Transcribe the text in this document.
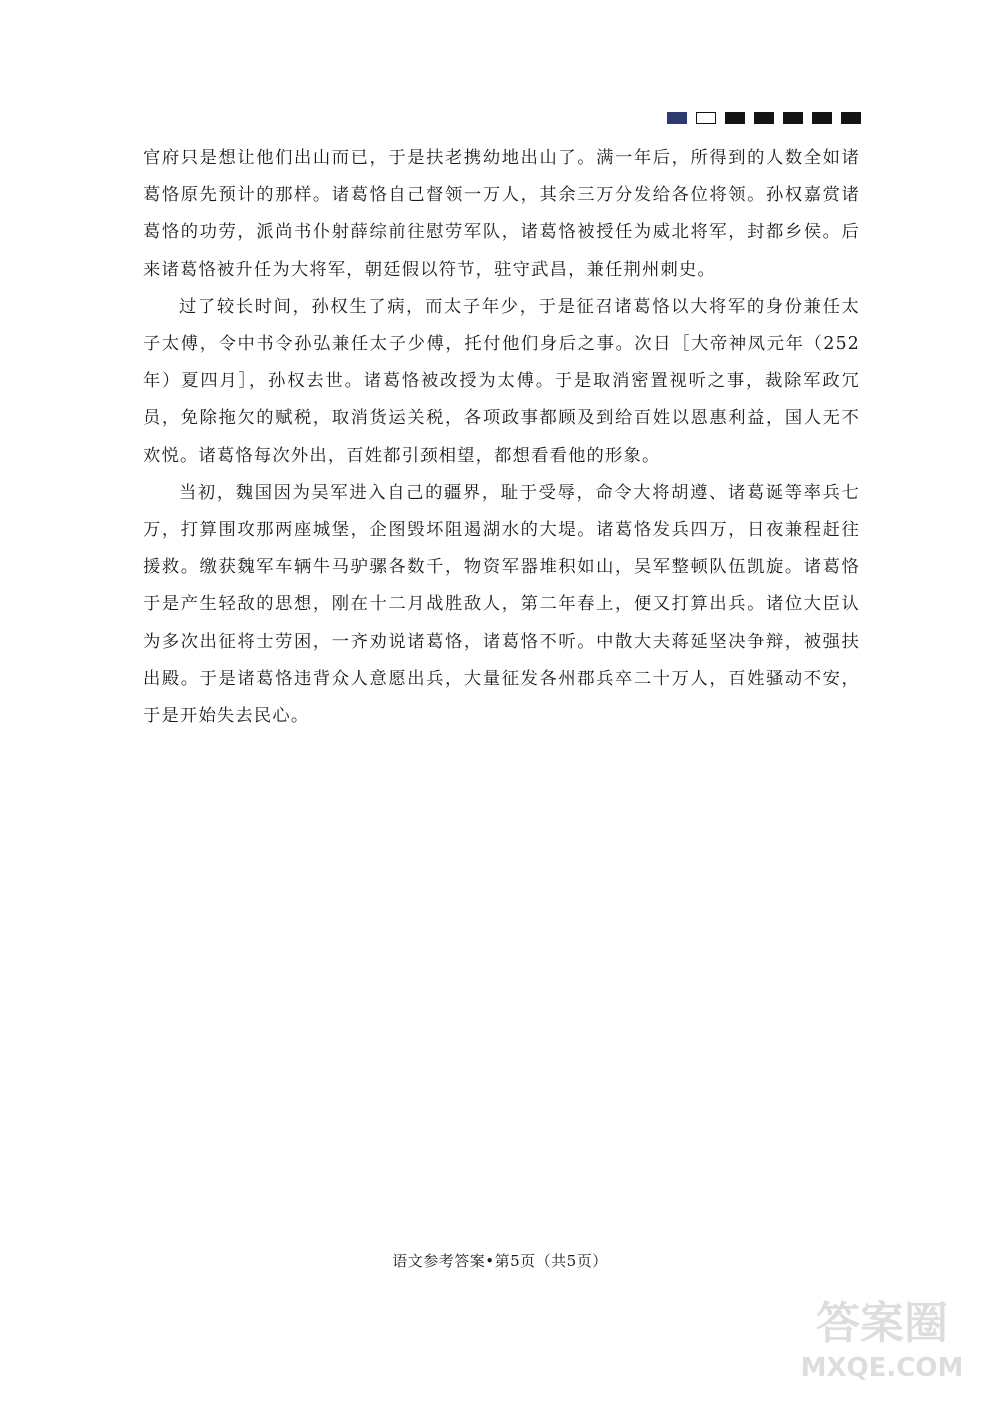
官府只是想让他们出山而已，于是扶老携幼地出山了。满一年后，所得到的人数全如诸葛恪原先预计的那样。诸葛恪自己督领一万人，其余三万分发给各位将领。孙权嘉赏诸葛恪的功劳，派尚书仆射薛综前往慰劳军队，诸葛恪被授任为威北将军，封都乡侯。后来诸葛恪被升任为大将军，朝廷假以符节，驻守武昌，兼任荆州刺史。

过了较长时间，孙权生了病，而太子年少，于是征召诸葛恪以大将军的身份兼任太子太傅，令中书令孙弘兼任太子少傅，托付他们身后之事。次日［大帝神凤元年（252年）夏四月］，孙权去世。诸葛恪被改授为太傅。于是取消密置视听之事，裁除军政冗员，免除拖欠的赋税，取消货运关税，各项政事都顾及到给百姓以恩惠利益，国人无不欢悦。诸葛恪每次外出，百姓都引颈相望，都想看看他的形象。

当初，魏国因为吴军进入自己的疆界，耻于受辱，命令大将胡遵、诸葛诞等率兵七万，打算围攻那两座城堡，企图毁坏阻遏湖水的大堤。诸葛恪发兵四万，日夜兼程赶往援救。缴获魏军车辆牛马驴骡各数千，物资军器堆积如山，吴军整顿队伍凯旋。诸葛恪于是产生轻敌的思想，刚在十二月战胜敌人，第二年春上，便又打算出兵。诸位大臣认为多次出征将士劳困，一齐劝说诸葛恪，诸葛恪不听。中散大夫蒋延坚决争辩，被强扶出殿。于是诸葛恪违背众人意愿出兵，大量征发各州郡兵卒二十万人，百姓骚动不安，于是开始失去民心。

语文参考答案•第5页（共5页）
答案圈
MXQE.COM
